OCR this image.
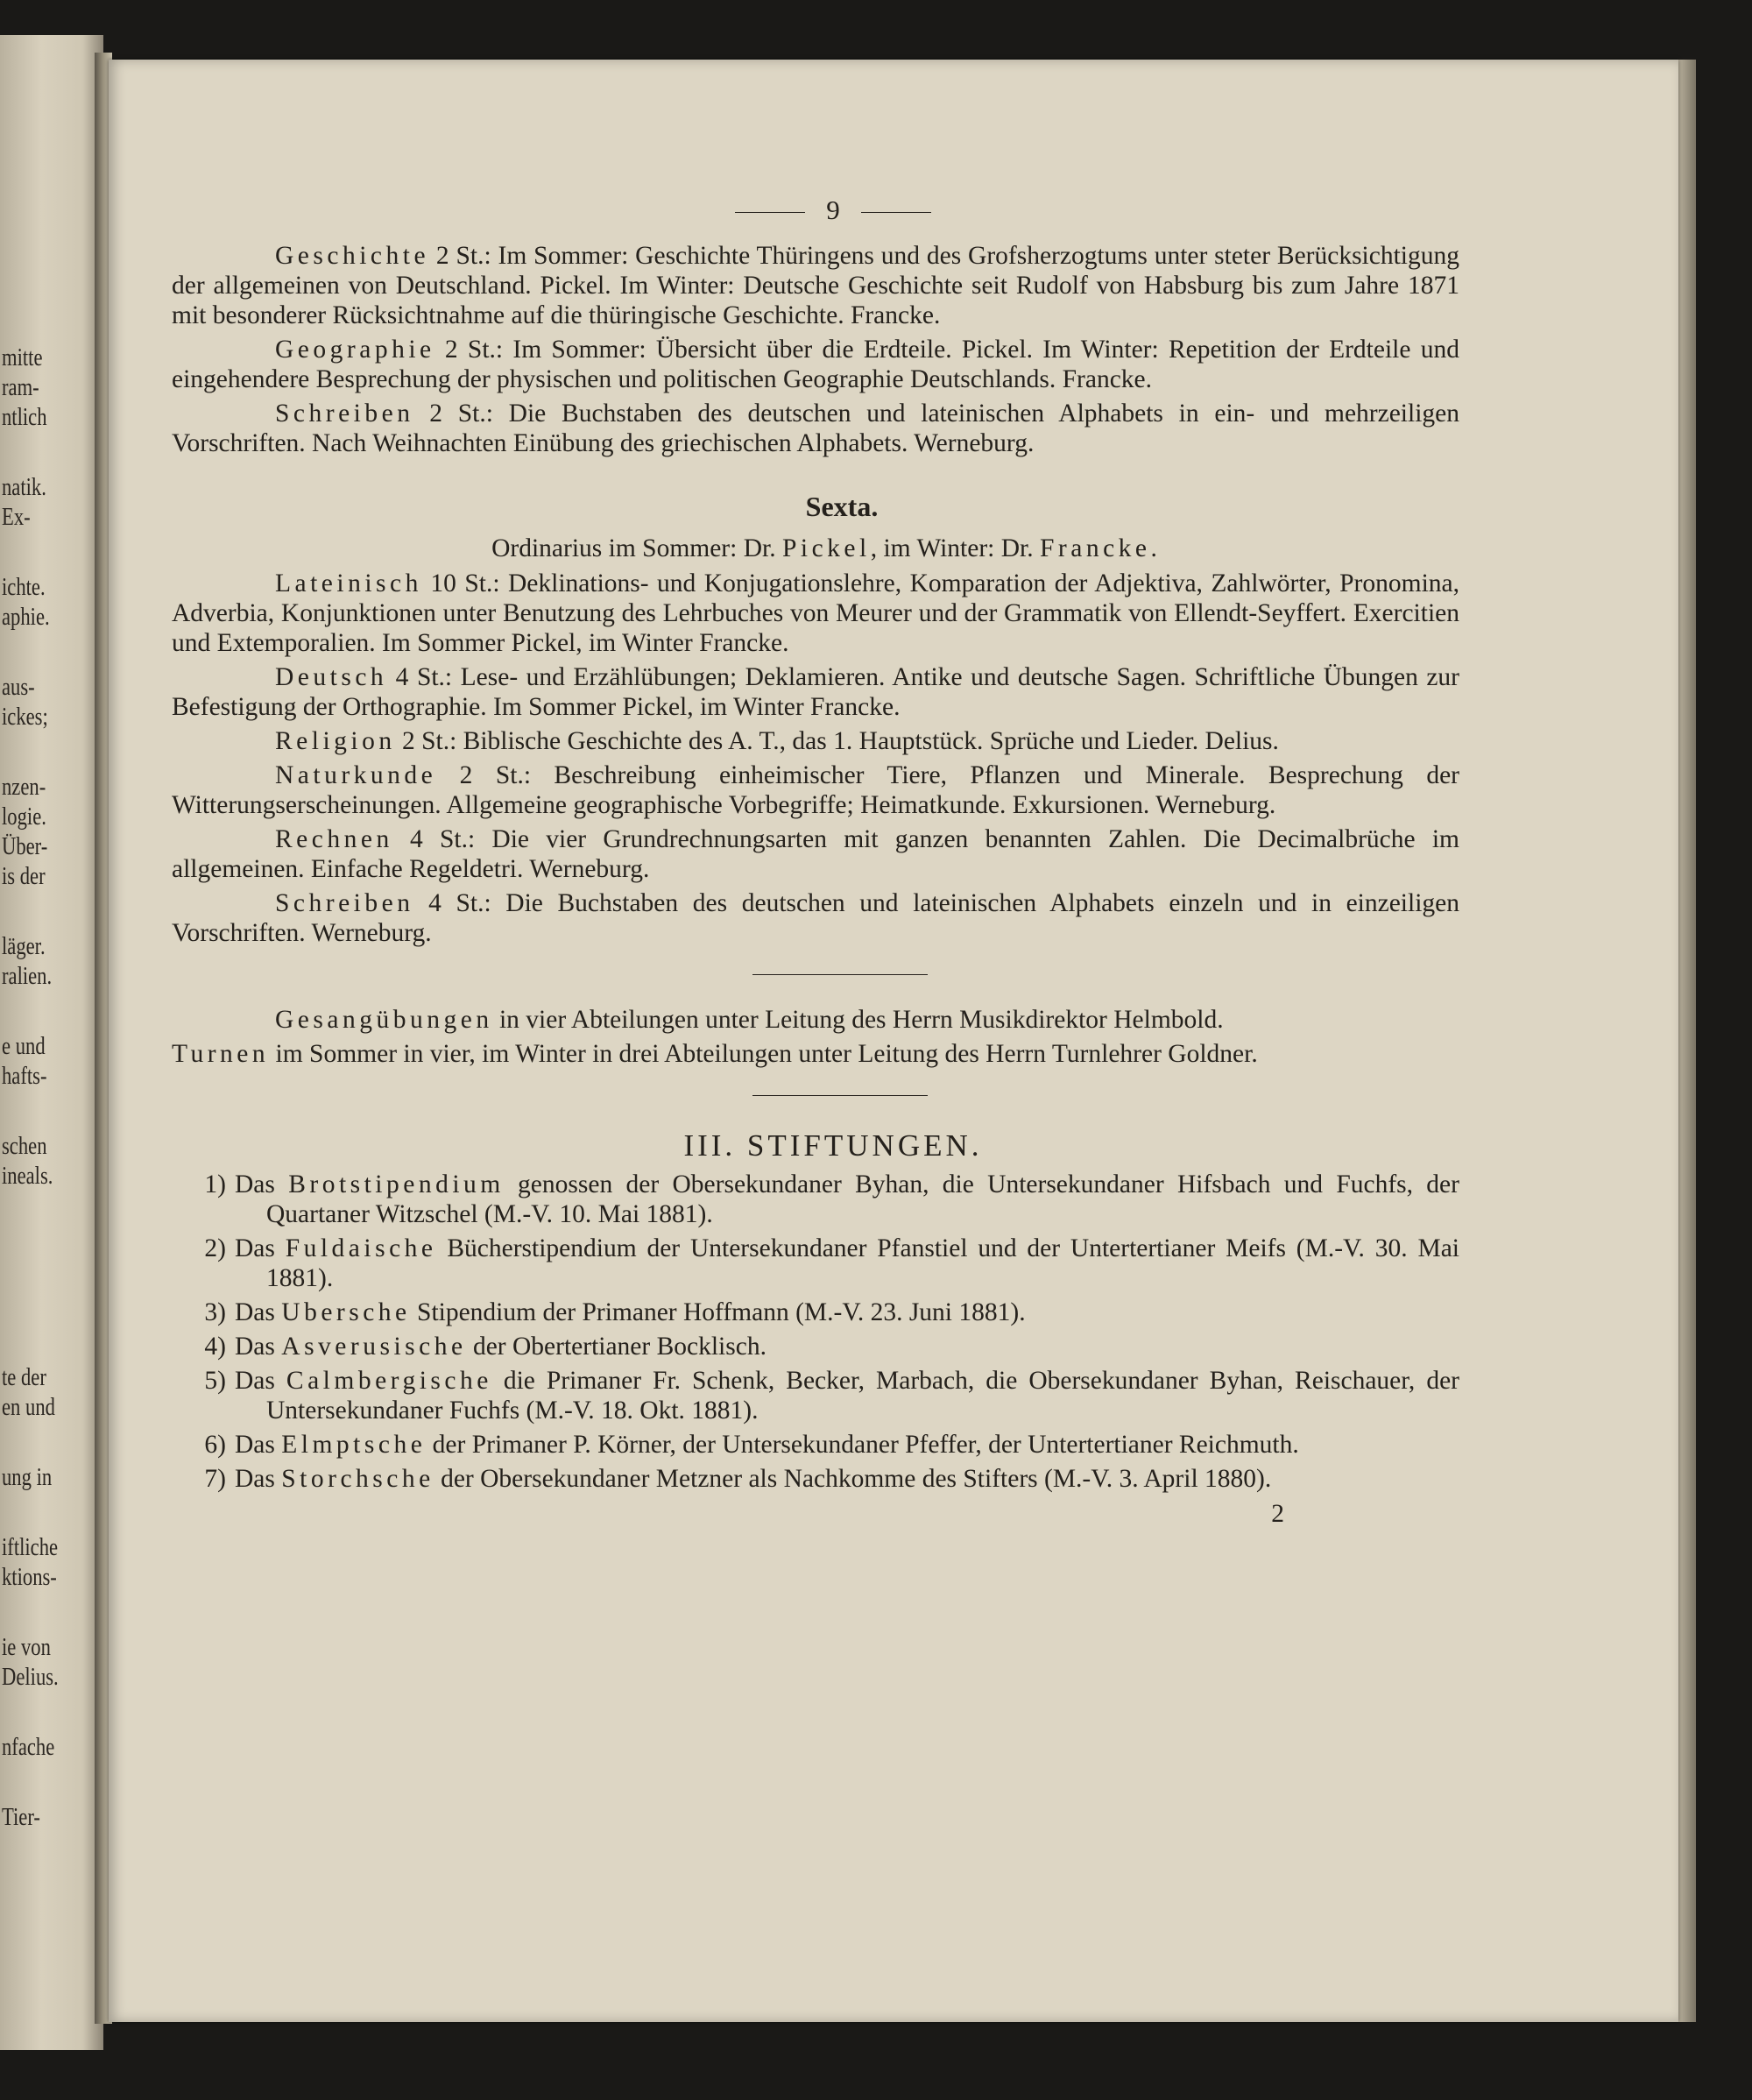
mitte
ram-
ntlich
natik.
Ex-
ichte.
aphie.
aus-
ickes;
nzen-
logie.
Über-
is der
läger.
ralien.
e und
hafts-
schen
ineals.
te der
en und
ung in
iftliche
ktions-
ie von
Delius.
nfache
Tier-
9

Geschichte 2 St.: Im Sommer: Geschichte Thüringens und des Grofsherzogtums unter steter Berücksichtigung der allgemeinen von Deutschland. Pickel. Im Winter: Deutsche Geschichte seit Rudolf von Habsburg bis zum Jahre 1871 mit besonderer Rücksichtnahme auf die thüringische Geschichte. Francke.

Geographie 2 St.: Im Sommer: Übersicht über die Erdteile. Pickel. Im Winter: Repetition der Erdteile und eingehendere Besprechung der physischen und politischen Geographie Deutschlands. Francke.

Schreiben 2 St.: Die Buchstaben des deutschen und lateinischen Alphabets in ein- und mehrzeiligen Vorschriften. Nach Weihnachten Einübung des griechischen Alphabets. Werneburg.

Sexta.
Ordinarius im Sommer: Dr. Pickel, im Winter: Dr. Francke.

Lateinisch 10 St.: Deklinations- und Konjugationslehre, Komparation der Adjektiva, Zahlwörter, Pronomina, Adverbia, Konjunktionen unter Benutzung des Lehrbuches von Meurer und der Grammatik von Ellendt-Seyffert. Exercitien und Extemporalien. Im Sommer Pickel, im Winter Francke.

Deutsch 4 St.: Lese- und Erzählübungen; Deklamieren. Antike und deutsche Sagen. Schriftliche Übungen zur Befestigung der Orthographie. Im Sommer Pickel, im Winter Francke.

Religion 2 St.: Biblische Geschichte des A. T., das 1. Hauptstück. Sprüche und Lieder. Delius.

Naturkunde 2 St.: Beschreibung einheimischer Tiere, Pflanzen und Minerale. Besprechung der Witterungserscheinungen. Allgemeine geographische Vorbegriffe; Heimatkunde. Exkursionen. Werneburg.

Rechnen 4 St.: Die vier Grundrechnungsarten mit ganzen benannten Zahlen. Die Decimalbrüche im allgemeinen. Einfache Regeldetri. Werneburg.

Schreiben 4 St.: Die Buchstaben des deutschen und lateinischen Alphabets einzeln und in einzeiligen Vorschriften. Werneburg.

Gesangübungen in vier Abteilungen unter Leitung des Herrn Musikdirektor Helmbold.

Turnen im Sommer in vier, im Winter in drei Abteilungen unter Leitung des Herrn Turnlehrer Goldner.

III. STIFTUNGEN.
1) Das Brotstipendium genossen der Obersekundaner Byhan, die Untersekundaner Hifsbach und Fuchfs, der Quartaner Witzschel (M.-V. 10. Mai 1881).
2) Das Fuldaische Bücherstipendium der Untersekundaner Pfanstiel und der Untertertianer Meifs (M.-V. 30. Mai 1881).
3) Das Ubersche Stipendium der Primaner Hoffmann (M.-V. 23. Juni 1881).
4) Das Asverusische der Obertertianer Bocklisch.
5) Das Calmbergische die Primaner Fr. Schenk, Becker, Marbach, die Obersekundaner Byhan, Reischauer, der Untersekundaner Fuchfs (M.-V. 18. Okt. 1881).
6) Das Elmptsche der Primaner P. Körner, der Untersekundaner Pfeffer, der Untertertianer Reichmuth.
7) Das Storchsche der Obersekundaner Metzner als Nachkomme des Stifters (M.-V. 3. April 1880).
2
